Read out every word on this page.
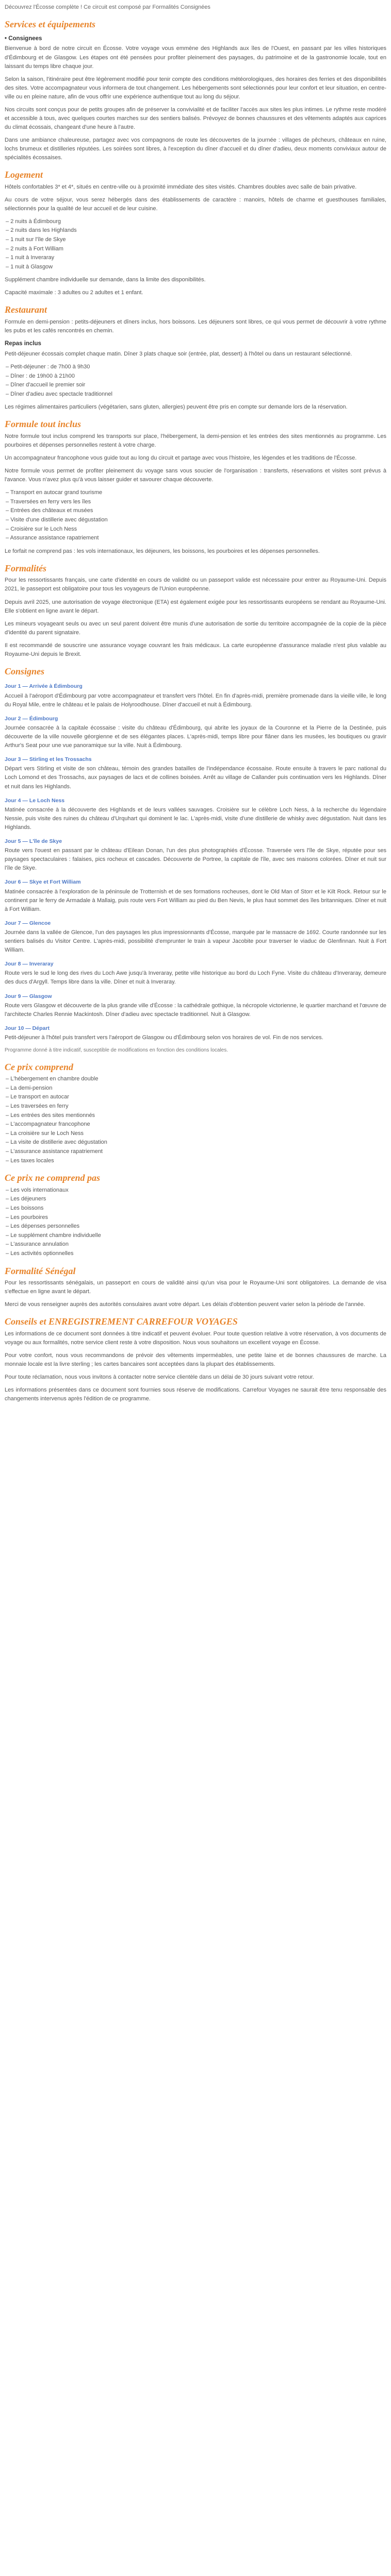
Découvrez l'Écosse complète ! Ce circuit est composé par Formalités Consignées

Services et équipements
• Consignees

Bienvenue à bord de notre circuit en Écosse. Votre voyage vous emmène des Highlands aux îles de l'Ouest, en passant par les villes historiques d'Édimbourg et de Glasgow. Les étapes ont été pensées pour profiter pleinement des paysages, du patrimoine et de la gastronomie locale, tout en laissant du temps libre chaque jour.

Selon la saison, l'itinéraire peut être légèrement modifié pour tenir compte des conditions météorologiques, des horaires des ferries et des disponibilités des sites. Votre accompagnateur vous informera de tout changement. Les hébergements sont sélectionnés pour leur confort et leur situation, en centre-ville ou en pleine nature, afin de vous offrir une expérience authentique tout au long du séjour.

Nos circuits sont conçus pour de petits groupes afin de préserver la convivialité et de faciliter l'accès aux sites les plus intimes. Le rythme reste modéré et accessible à tous, avec quelques courtes marches sur des sentiers balisés. Prévoyez de bonnes chaussures et des vêtements adaptés aux caprices du climat écossais, changeant d'une heure à l'autre.

Dans une ambiance chaleureuse, partagez avec vos compagnons de route les découvertes de la journée : villages de pêcheurs, châteaux en ruine, lochs brumeux et distilleries réputées. Les soirées sont libres, à l'exception du dîner d'accueil et du dîner d'adieu, deux moments conviviaux autour de spécialités écossaises.

Logement

Hôtels confortables 3* et 4*, situés en centre-ville ou à proximité immédiate des sites visités. Chambres doubles avec salle de bain privative.

Au cours de votre séjour, vous serez hébergés dans des établissements de caractère : manoirs, hôtels de charme et guesthouses familiales, sélectionnés pour la qualité de leur accueil et de leur cuisine.

– 2 nuits à Édimbourg
– 2 nuits dans les Highlands
– 1 nuit sur l'île de Skye
– 2 nuits à Fort William
– 1 nuit à Inveraray
– 1 nuit à Glasgow

Supplément chambre individuelle sur demande, dans la limite des disponibilités.

Capacité maximale : 3 adultes ou 2 adultes et 1 enfant.

Restaurant

Formule en demi-pension : petits-déjeuners et dîners inclus, hors boissons. Les déjeuners sont libres, ce qui vous permet de découvrir à votre rythme les pubs et les cafés rencontrés en chemin.

Repas inclus

Petit-déjeuner écossais complet chaque matin. Dîner 3 plats chaque soir (entrée, plat, dessert) à l'hôtel ou dans un restaurant sélectionné.

– Petit-déjeuner : de 7h00 à 9h30
– Dîner : de 19h00 à 21h00
– Dîner d'accueil le premier soir
– Dîner d'adieu avec spectacle traditionnel

Les régimes alimentaires particuliers (végétarien, sans gluten, allergies) peuvent être pris en compte sur demande lors de la réservation.

Formule tout inclus

Notre formule tout inclus comprend les transports sur place, l'hébergement, la demi-pension et les entrées des sites mentionnés au programme. Les pourboires et dépenses personnelles restent à votre charge.

Un accompagnateur francophone vous guide tout au long du circuit et partage avec vous l'histoire, les légendes et les traditions de l'Écosse.

Notre formule vous permet de profiter pleinement du voyage sans vous soucier de l'organisation : transferts, réservations et visites sont prévus à l'avance. Vous n'avez plus qu'à vous laisser guider et savourer chaque découverte.

– Transport en autocar grand tourisme
– Traversées en ferry vers les îles
– Entrées des châteaux et musées
– Visite d'une distillerie avec dégustation
– Croisière sur le Loch Ness
– Assurance assistance rapatriement

Le forfait ne comprend pas : les vols internationaux, les déjeuners, les boissons, les pourboires et les dépenses personnelles.

Formalités

Pour les ressortissants français, une carte d'identité en cours de validité ou un passeport valide est nécessaire pour entrer au Royaume-Uni. Depuis 2021, le passeport est obligatoire pour tous les voyageurs de l'Union européenne.

Depuis avril 2025, une autorisation de voyage électronique (ETA) est également exigée pour les ressortissants européens se rendant au Royaume-Uni. Elle s'obtient en ligne avant le départ.

Les mineurs voyageant seuls ou avec un seul parent doivent être munis d'une autorisation de sortie du territoire accompagnée de la copie de la pièce d'identité du parent signataire.

Il est recommandé de souscrire une assurance voyage couvrant les frais médicaux. La carte européenne d'assurance maladie n'est plus valable au Royaume-Uni depuis le Brexit.

Consignes
Jour 1 — Arrivée à Édimbourg

Accueil à l'aéroport d'Édimbourg par votre accompagnateur et transfert vers l'hôtel. En fin d'après-midi, première promenade dans la vieille ville, le long du Royal Mile, entre le château et le palais de Holyroodhouse. Dîner d'accueil et nuit à Édimbourg.

Jour 2 — Édimbourg

Journée consacrée à la capitale écossaise : visite du château d'Édimbourg, qui abrite les joyaux de la Couronne et la Pierre de la Destinée, puis découverte de la ville nouvelle géorgienne et de ses élégantes places. L'après-midi, temps libre pour flâner dans les musées, les boutiques ou gravir Arthur's Seat pour une vue panoramique sur la ville. Nuit à Édimbourg.

Jour 3 — Stirling et les Trossachs

Départ vers Stirling et visite de son château, témoin des grandes batailles de l'indépendance écossaise. Route ensuite à travers le parc national du Loch Lomond et des Trossachs, aux paysages de lacs et de collines boisées. Arrêt au village de Callander puis continuation vers les Highlands. Dîner et nuit dans les Highlands.

Jour 4 — Le Loch Ness

Matinée consacrée à la découverte des Highlands et de leurs vallées sauvages. Croisière sur le célèbre Loch Ness, à la recherche du légendaire Nessie, puis visite des ruines du château d'Urquhart qui dominent le lac. L'après-midi, visite d'une distillerie de whisky avec dégustation. Nuit dans les Highlands.

Jour 5 — L'île de Skye

Route vers l'ouest en passant par le château d'Eilean Donan, l'un des plus photographiés d'Écosse. Traversée vers l'île de Skye, réputée pour ses paysages spectaculaires : falaises, pics rocheux et cascades. Découverte de Portree, la capitale de l'île, avec ses maisons colorées. Dîner et nuit sur l'île de Skye.

Jour 6 — Skye et Fort William

Matinée consacrée à l'exploration de la péninsule de Trotternish et de ses formations rocheuses, dont le Old Man of Storr et le Kilt Rock. Retour sur le continent par le ferry de Armadale à Mallaig, puis route vers Fort William au pied du Ben Nevis, le plus haut sommet des îles britanniques. Dîner et nuit à Fort William.

Jour 7 — Glencoe

Journée dans la vallée de Glencoe, l'un des paysages les plus impressionnants d'Écosse, marquée par le massacre de 1692. Courte randonnée sur les sentiers balisés du Visitor Centre. L'après-midi, possibilité d'emprunter le train à vapeur Jacobite pour traverser le viaduc de Glenfinnan. Nuit à Fort William.

Jour 8 — Inveraray

Route vers le sud le long des rives du Loch Awe jusqu'à Inveraray, petite ville historique au bord du Loch Fyne. Visite du château d'Inveraray, demeure des ducs d'Argyll. Temps libre dans la ville. Dîner et nuit à Inveraray.

Jour 9 — Glasgow

Route vers Glasgow et découverte de la plus grande ville d'Écosse : la cathédrale gothique, la nécropole victorienne, le quartier marchand et l'œuvre de l'architecte Charles Rennie Mackintosh. Dîner d'adieu avec spectacle traditionnel. Nuit à Glasgow.

Jour 10 — Départ

Petit-déjeuner à l'hôtel puis transfert vers l'aéroport de Glasgow ou d'Édimbourg selon vos horaires de vol. Fin de nos services.

Programme donné à titre indicatif, susceptible de modifications en fonction des conditions locales.

Ce prix comprend
– L'hébergement en chambre double
– La demi-pension
– Le transport en autocar
– Les traversées en ferry
– Les entrées des sites mentionnés
– L'accompagnateur francophone
– La croisière sur le Loch Ness
– La visite de distillerie avec dégustation
– L'assurance assistance rapatriement
– Les taxes locales
Ce prix ne comprend pas
– Les vols internationaux
– Les déjeuners
– Les boissons
– Les pourboires
– Les dépenses personnelles
– Le supplément chambre individuelle
– L'assurance annulation
– Les activités optionnelles
Formalité Sénégal

Pour les ressortissants sénégalais, un passeport en cours de validité ainsi qu'un visa pour le Royaume-Uni sont obligatoires. La demande de visa s'effectue en ligne avant le départ.

Merci de vous renseigner auprès des autorités consulaires avant votre départ. Les délais d'obtention peuvent varier selon la période de l'année.

Conseils et ENREGISTREMENT CARREFOUR VOYAGES

Les informations de ce document sont données à titre indicatif et peuvent évoluer. Pour toute question relative à votre réservation, à vos documents de voyage ou aux formalités, notre service client reste à votre disposition. Nous vous souhaitons un excellent voyage en Écosse.

Pour votre confort, nous vous recommandons de prévoir des vêtements imperméables, une petite laine et de bonnes chaussures de marche. La monnaie locale est la livre sterling ; les cartes bancaires sont acceptées dans la plupart des établissements.

Pour toute réclamation, nous vous invitons à contacter notre service clientèle dans un délai de 30 jours suivant votre retour.

Les informations présentées dans ce document sont fournies sous réserve de modifications. Carrefour Voyages ne saurait être tenu responsable des changements intervenus après l'édition de ce programme.
